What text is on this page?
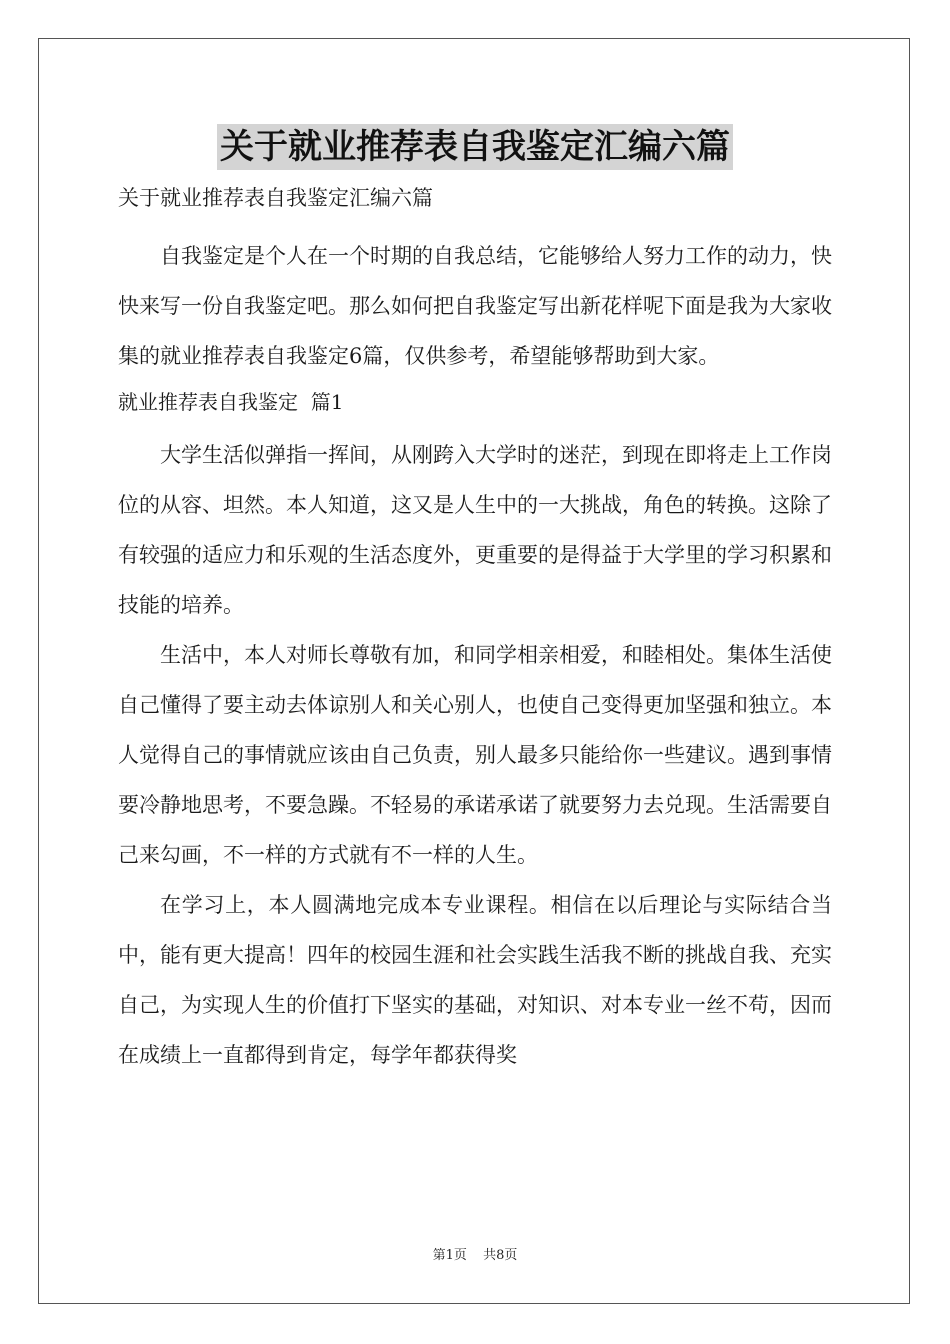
关于就业推荐表自我鉴定汇编六篇

关于就业推荐表自我鉴定汇编六篇

自我鉴定是个人在一个时期的自我总结，它能够给人努力工作的动力，快快来写一份自我鉴定吧。那么如何把自我鉴定写出新花样呢下面是我为大家收集的就业推荐表自我鉴定6篇，仅供参考，希望能够帮助到大家。

就业推荐表自我鉴定  篇1

大学生活似弹指一挥间，从刚跨入大学时的迷茫，到现在即将走上工作岗位的从容、坦然。本人知道，这又是人生中的一大挑战，角色的转换。这除了有较强的适应力和乐观的生活态度外，更重要的是得益于大学里的学习积累和技能的培养。

生活中，本人对师长尊敬有加，和同学相亲相爱，和睦相处。集体生活使自己懂得了要主动去体谅别人和关心别人，也使自己变得更加坚强和独立。本人觉得自己的事情就应该由自己负责，别人最多只能给你一些建议。遇到事情要冷静地思考，不要急躁。不轻易的承诺承诺了就要努力去兑现。生活需要自己来勾画，不一样的方式就有不一样的人生。

在学习上，本人圆满地完成本专业课程。相信在以后理论与实际结合当中，能有更大提高！四年的校园生涯和社会实践生活我不断的挑战自我、充实自己，为实现人生的价值打下坚实的基础，对知识、对本专业一丝不苟，因而在成绩上一直都得到肯定，每学年都获得奖

第1页 共8页
